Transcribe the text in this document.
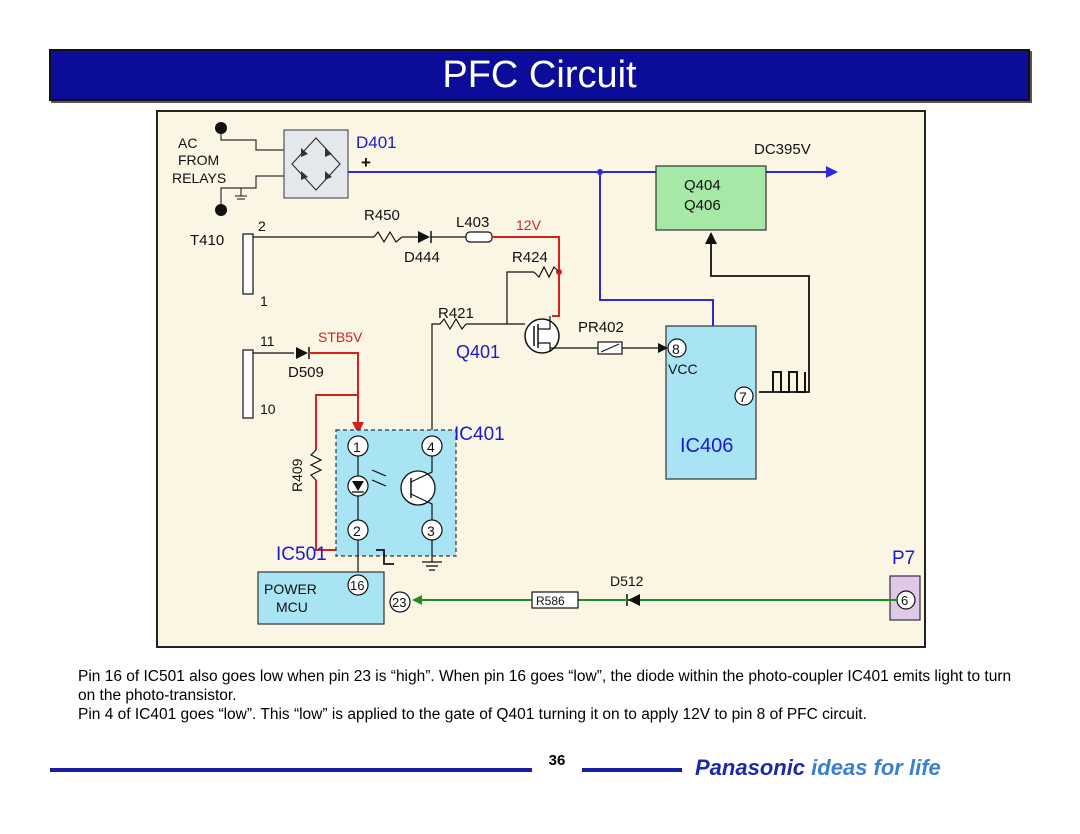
PFC Circuit
AC
FROM
RELAYS
D401
+
DC395V
Q404
Q406
IC406
VCC
8
7
T410
2
1
R450
D444
L403 12V
R424
Q401
R421
PR402
11
10
D509
STB5V
R409
IC401
1	4
2	3
IC501
POWER
MCU
16
23
P7
6
D512
R586

Pin 16 of IC501 also goes low when pin 23 is “high”. When pin 16 goes “low”, the diode within the photo-coupler IC401 emits light to turn on the photo-transistor.

Pin 4 of IC401 goes “low”. This “low” is applied to the gate of Q401 turning it on to apply 12V to pin 8 of PFC circuit.

36	Panasonic ideas for life
